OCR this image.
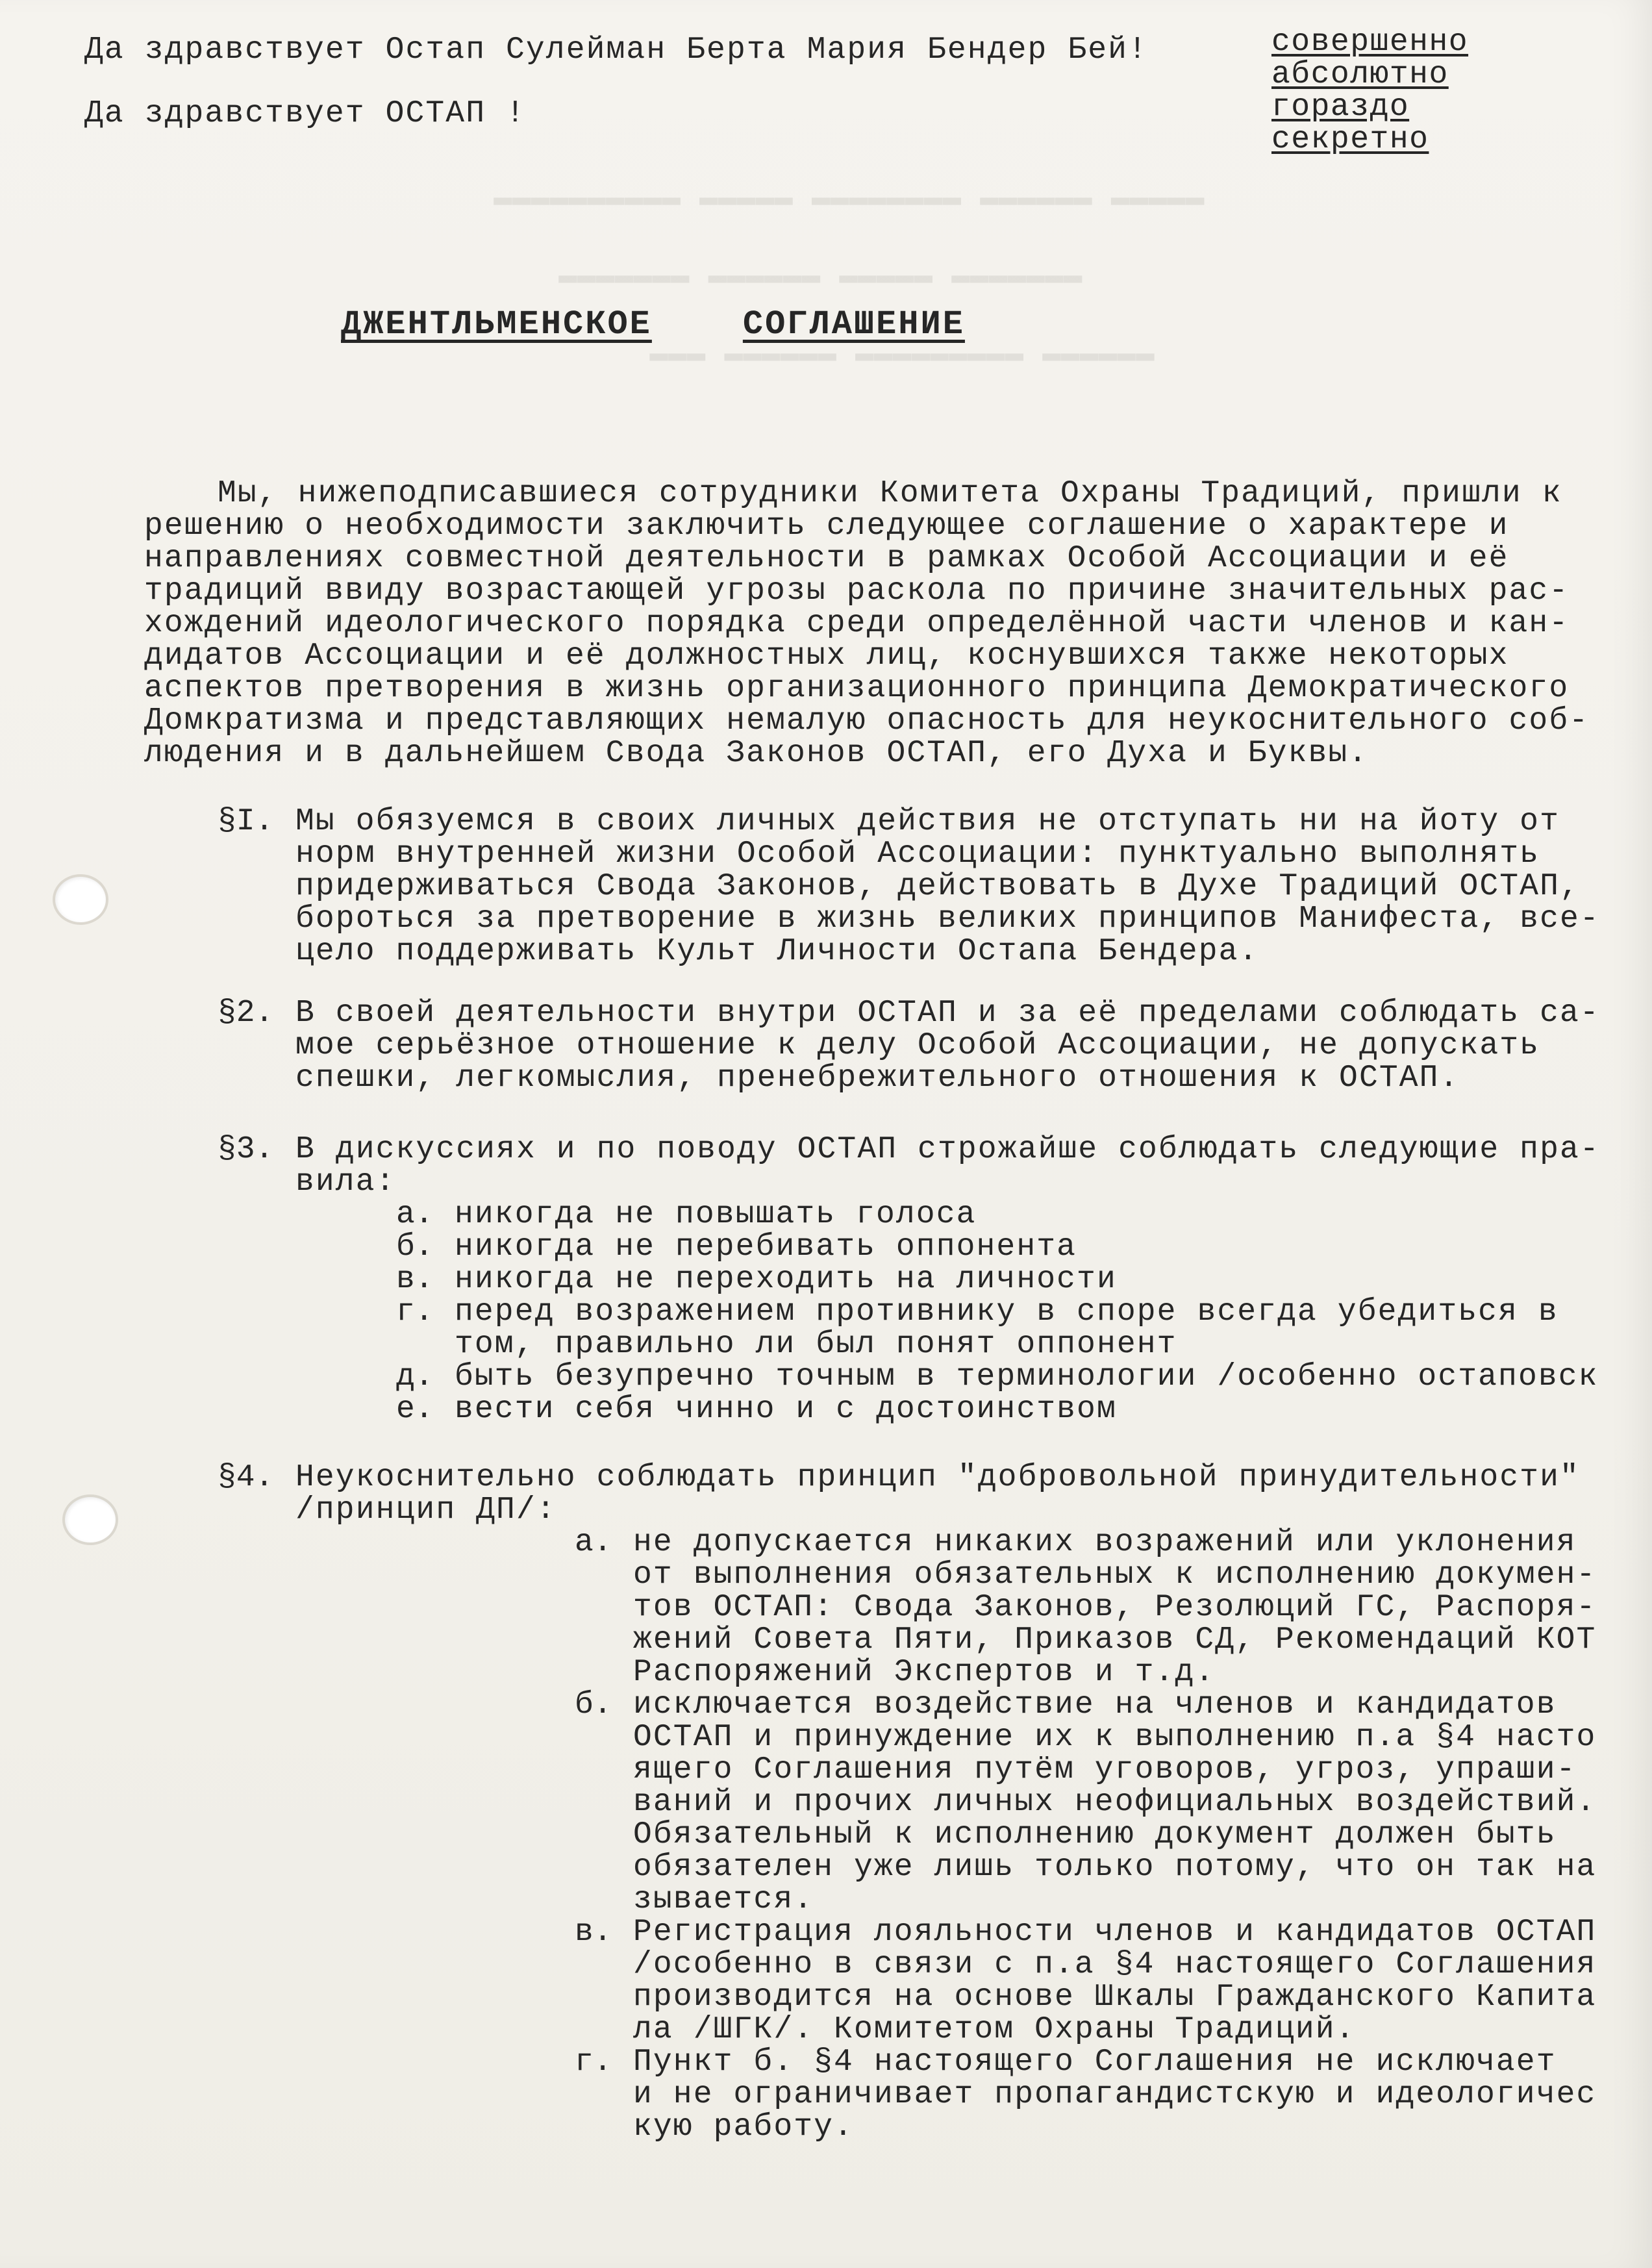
▬▬▬▬▬ ▬▬▬▬▬▬ ▬▬▬▬▬▬▬▬ ▬▬▬▬▬ ▬▬▬▬▬▬▬▬▬▬
▬▬▬▬▬▬▬ ▬▬▬▬▬ ▬▬▬▬▬▬ ▬▬▬▬▬▬▬
▬▬▬▬▬▬ ▬▬▬▬▬▬▬▬▬ ▬▬▬▬▬▬ ▬▬▬
Да здравствует Остап Сулейман Берта Мария Бендер Бей!
Да здравствует ОСТАП !
совершенно
абсолютно
гораздо
секретно
ДЖЕНТЛЬМЕНСКОЕ	СОГЛАШЕНИЕ
Мы, нижеподписавшиеся сотрудники Комитета Охраны Традиций, пришли к
решению о необходимости заключить следующее соглашение о характере и
направлениях совместной деятельности в рамках Особой Ассоциации и её
традиций ввиду возрастающей угрозы раскола по причине значительных рас-
хождений идеологического порядка среди определённой части членов и кан-
дидатов Ассоциации и её должностных лиц, коснувшихся также некоторых
аспектов претворения в жизнь организационного принципа Демократического
Домкратизма и представляющих немалую опасность для неукоснительного соб-
людения и в дальнейшем Свода Законов ОСТАП, его Духа и Буквы.
§I. Мы обязуемся в своих личных действия не отступать ни на йоту от
норм внутренней жизни Особой Ассоциации: пунктуально выполнять
придерживаться Свода Законов, действовать в Духе Традиций ОСТАП,
бороться за претворение в жизнь великих принципов Манифеста, все-
цело поддерживать Культ Личности Остапа Бендера.
§2. В своей деятельности внутри ОСТАП и за её пределами соблюдать са-
мое серьёзное отношение к делу Особой Ассоциации, не допускать
спешки, легкомыслия, пренебрежительного отношения к ОСТАП.
§3. В дискуссиях и по поводу ОСТАП строжайше соблюдать следующие пра-
вила:
а. никогда не повышать голоса
б. никогда не перебивать оппонента
в. никогда не переходить на личности
г. перед возражением противнику в споре всегда убедиться в
том, правильно ли был понят оппонент
д. быть безупречно точным в терминологии /особенно остаповск
е. вести себя чинно и с достоинством
§4. Неукоснительно соблюдать принцип "добровольной принудительности"
/принцип ДП/:
а. не допускается никаких возражений или уклонения
от выполнения обязательных к исполнению докумен-
тов ОСТАП: Свода Законов, Резолюций ГС, Распоря-
жений Совета Пяти, Приказов СД, Рекомендаций КОТ
Распоряжений Экспертов и т.д.
б. исключается воздействие на членов и кандидатов
ОСТАП и принуждение их к выполнению п.а §4 насто
ящего Соглашения путём уговоров, угроз, упраши-
ваний и прочих личных неофициальных воздействий.
Обязательный к исполнению документ должен быть
обязателен уже лишь только потому, что он так на
зывается.
в. Регистрация лояльности членов и кандидатов ОСТАП
/особенно в связи с п.а §4 настоящего Соглашения
производится на основе Шкалы Гражданского Капита
ла /ШГК/. Комитетом Охраны Традиций.
г. Пункт б. §4 настоящего Соглашения не исключает
и не ограничивает пропагандистскую и идеологичес
кую работу.
